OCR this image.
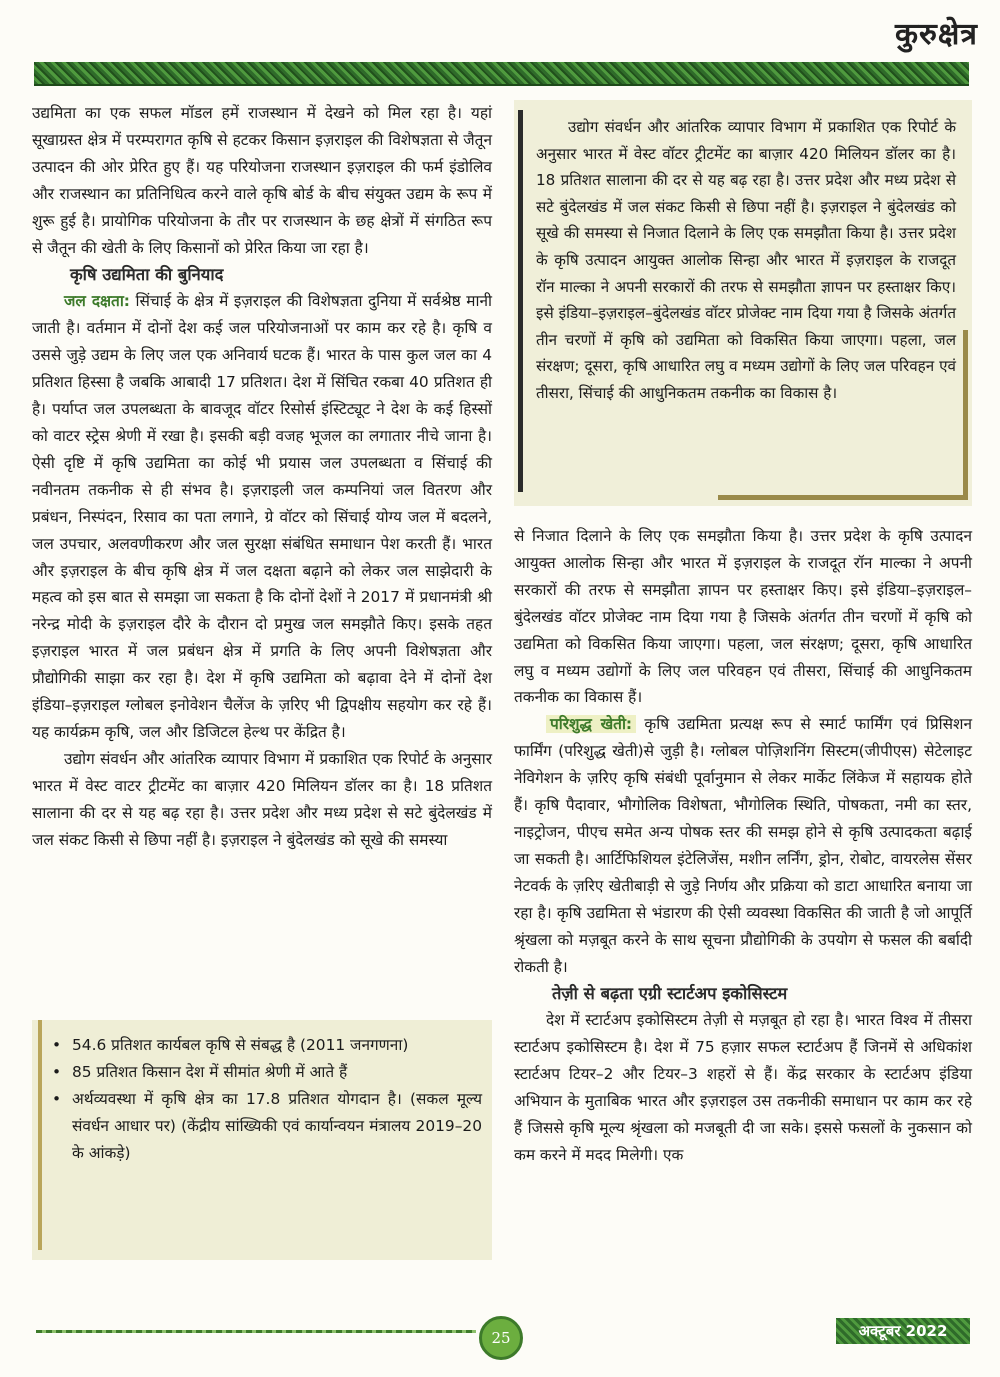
कुरुक्षेत्र

उद्यमिता का एक सफल मॉडल हमें राजस्थान में देखने को मिल रहा है। यहां सूखाग्रस्त क्षेत्र में परम्परागत कृषि से हटकर किसान इज़राइल की विशेषज्ञता से जैतून उत्पादन की ओर प्रेरित हुए हैं। यह परियोजना राजस्थान इज़राइल की फर्म इंडोलिव और राजस्थान का प्रतिनिधित्व करने वाले कृषि बोर्ड के बीच संयुक्त उद्यम के रूप में शुरू हुई है। प्रायोगिक परियोजना के तौर पर राजस्थान के छह क्षेत्रों में संगठित रूप से जैतून की खेती के लिए किसानों को प्रेरित किया जा रहा है।

कृषि उद्यमिता की बुनियाद

जल दक्षता: सिंचाई के क्षेत्र में इज़राइल की विशेषज्ञता दुनिया में सर्वश्रेष्ठ मानी जाती है। वर्तमान में दोनों देश कई जल परियोजनाओं पर काम कर रहे है। कृषि व उससे जुड़े उद्यम के लिए जल एक अनिवार्य घटक हैं। भारत के पास कुल जल का 4 प्रतिशत हिस्सा है जबकि आबादी 17 प्रतिशत। देश में सिंचित रकबा 40 प्रतिशत ही है। पर्याप्त जल उपलब्धता के बावजूद वॉटर रिसोर्स इंस्टिट्यूट ने देश के कई हिस्सों को वाटर स्ट्रेस श्रेणी में रखा है। इसकी बड़ी वजह भूजल का लगातार नीचे जाना है। ऐसी दृष्टि में कृषि उद्यमिता का कोई भी प्रयास जल उपलब्धता व सिंचाई की नवीनतम तकनीक से ही संभव है। इज़राइली जल कम्पनियां जल वितरण और प्रबंधन, निस्पंदन, रिसाव का पता लगाने, ग्रे वॉटर को सिंचाई योग्य जल में बदलने, जल उपचार, अलवणीकरण और जल सुरक्षा संबंधित समाधान पेश करती हैं। भारत और इज़राइल के बीच कृषि क्षेत्र में जल दक्षता बढ़ाने को लेकर जल साझेदारी के महत्व को इस बात से समझा जा सकता है कि दोनों देशों ने 2017 में प्रधानमंत्री श्री नरेन्द्र मोदी के इज़राइल दौरे के दौरान दो प्रमुख जल समझौते किए। इसके तहत इज़राइल भारत में जल प्रबंधन क्षेत्र में प्रगति के लिए अपनी विशेषज्ञता और प्रौद्योगिकी साझा कर रहा है। देश में कृषि उद्यमिता को बढ़ावा देने में दोनों देश इंडिया–इज़राइल ग्लोबल इनोवेशन चैलेंज के ज़रिए भी द्विपक्षीय सहयोग कर रहे हैं। यह कार्यक्रम कृषि, जल और डिजिटल हेल्थ पर केंद्रित है।

उद्योग संवर्धन और आंतरिक व्यापार विभाग में प्रकाशित एक रिपोर्ट के अनुसार भारत में वेस्ट वाटर ट्रीटमेंट का बाज़ार 420 मिलियन डॉलर का है। 18 प्रतिशत सालाना की दर से यह बढ़ रहा है। उत्तर प्रदेश और मध्य प्रदेश से सटे बुंदेलखंड में जल संकट किसी से छिपा नहीं है। इज़राइल ने बुंदेलखंड को सूखे की समस्या

• 54.6 प्रतिशत कार्यबल कृषि से संबद्ध है (2011 जनगणना)
• 85 प्रतिशत किसान देश में सीमांत श्रेणी में आते हैं
• अर्थव्यवस्था में कृषि क्षेत्र का 17.8 प्रतिशत योगदान है। (सकल मूल्य संवर्धन आधार पर) (केंद्रीय सांख्यिकी एवं कार्यान्वयन मंत्रालय 2019–20 के आंकड़े)
उद्योग संवर्धन और आंतरिक व्यापार विभाग में प्रकाशित एक रिपोर्ट के अनुसार भारत में वेस्ट वॉटर ट्रीटमेंट का बाज़ार 420 मिलियन डॉलर का है। 18 प्रतिशत सालाना की दर से यह बढ़ रहा है। उत्तर प्रदेश और मध्य प्रदेश से सटे बुंदेलखंड में जल संकट किसी से छिपा नहीं है। इज़राइल ने बुंदेलखंड को सूखे की समस्या से निजात दिलाने के लिए एक समझौता किया है। उत्तर प्रदेश के कृषि उत्पादन आयुक्त आलोक सिन्हा और भारत में इज़राइल के राजदूत रॉन माल्का ने अपनी सरकारों की तरफ से समझौता ज्ञापन पर हस्ताक्षर किए। इसे इंडिया–इज़राइल–बुंदेलखंड वॉटर प्रोजेक्ट नाम दिया गया है जिसके अंतर्गत तीन चरणों में कृषि को उद्यमिता को विकसित किया जाएगा। पहला, जल संरक्षण; दूसरा, कृषि आधारित लघु व मध्यम उद्योगों के लिए जल परिवहन एवं तीसरा, सिंचाई की आधुनिकतम तकनीक का विकास है।

से निजात दिलाने के लिए एक समझौता किया है। उत्तर प्रदेश के कृषि उत्पादन आयुक्त आलोक सिन्हा और भारत में इज़राइल के राजदूत रॉन माल्का ने अपनी सरकारों की तरफ से समझौता ज्ञापन पर हस्ताक्षर किए। इसे इंडिया–इज़राइल–बुंदेलखंड वॉटर प्रोजेक्ट नाम दिया गया है जिसके अंतर्गत तीन चरणों में कृषि को उद्यमिता को विकसित किया जाएगा। पहला, जल संरक्षण; दूसरा, कृषि आधारित लघु व मध्यम उद्योगों के लिए जल परिवहन एवं तीसरा, सिंचाई की आधुनिकतम तकनीक का विकास हैं।

परिशुद्ध खेती: कृषि उद्यमिता प्रत्यक्ष रूप से स्मार्ट फार्मिंग एवं प्रिसिशन फार्मिंग (परिशुद्ध खेती)से जुड़ी है। ग्लोबल पोज़िशनिंग सिस्टम(जीपीएस) सेटेलाइट नेविगेशन के ज़रिए कृषि संबंधी पूर्वानुमान से लेकर मार्केट लिंकेज में सहायक होते हैं। कृषि पैदावार, भौगोलिक विशेषता, भौगोलिक स्थिति, पोषकता, नमी का स्तर, नाइट्रोजन, पीएच समेत अन्य पोषक स्तर की समझ होने से कृषि उत्पादकता बढ़ाई जा सकती है। आर्टिफिशियल इंटेलिजेंस, मशीन लर्निंग, ड्रोन, रोबोट, वायरलेस सेंसर नेटवर्क के ज़रिए खेतीबाड़ी से जुड़े निर्णय और प्रक्रिया को डाटा आधारित बनाया जा रहा है। कृषि उद्यमिता से भंडारण की ऐसी व्यवस्था विकसित की जाती है जो आपूर्ति श्रृंखला को मज़बूत करने के साथ सूचना प्रौद्योगिकी के उपयोग से फसल की बर्बादी रोकती है।

तेज़ी से बढ़ता एग्री स्टार्टअप इकोसिस्टम

देश में स्टार्टअप इकोसिस्टम तेज़ी से मज़बूत हो रहा है। भारत विश्व में तीसरा स्टार्टअप इकोसिस्टम है। देश में 75 हज़ार सफल स्टार्टअप हैं जिनमें से अधिकांश स्टार्टअप टियर–2 और टियर–3 शहरों से हैं। केंद्र सरकार के स्टार्टअप इंडिया अभियान के मुताबिक भारत और इज़राइल उस तकनीकी समाधान पर काम कर रहे हैं जिससे कृषि मूल्य श्रृंखला को मजबूती दी जा सके। इससे फसलों के नुकसान को कम करने में मदद मिलेगी। एक

25	अक्टूबर 2022
